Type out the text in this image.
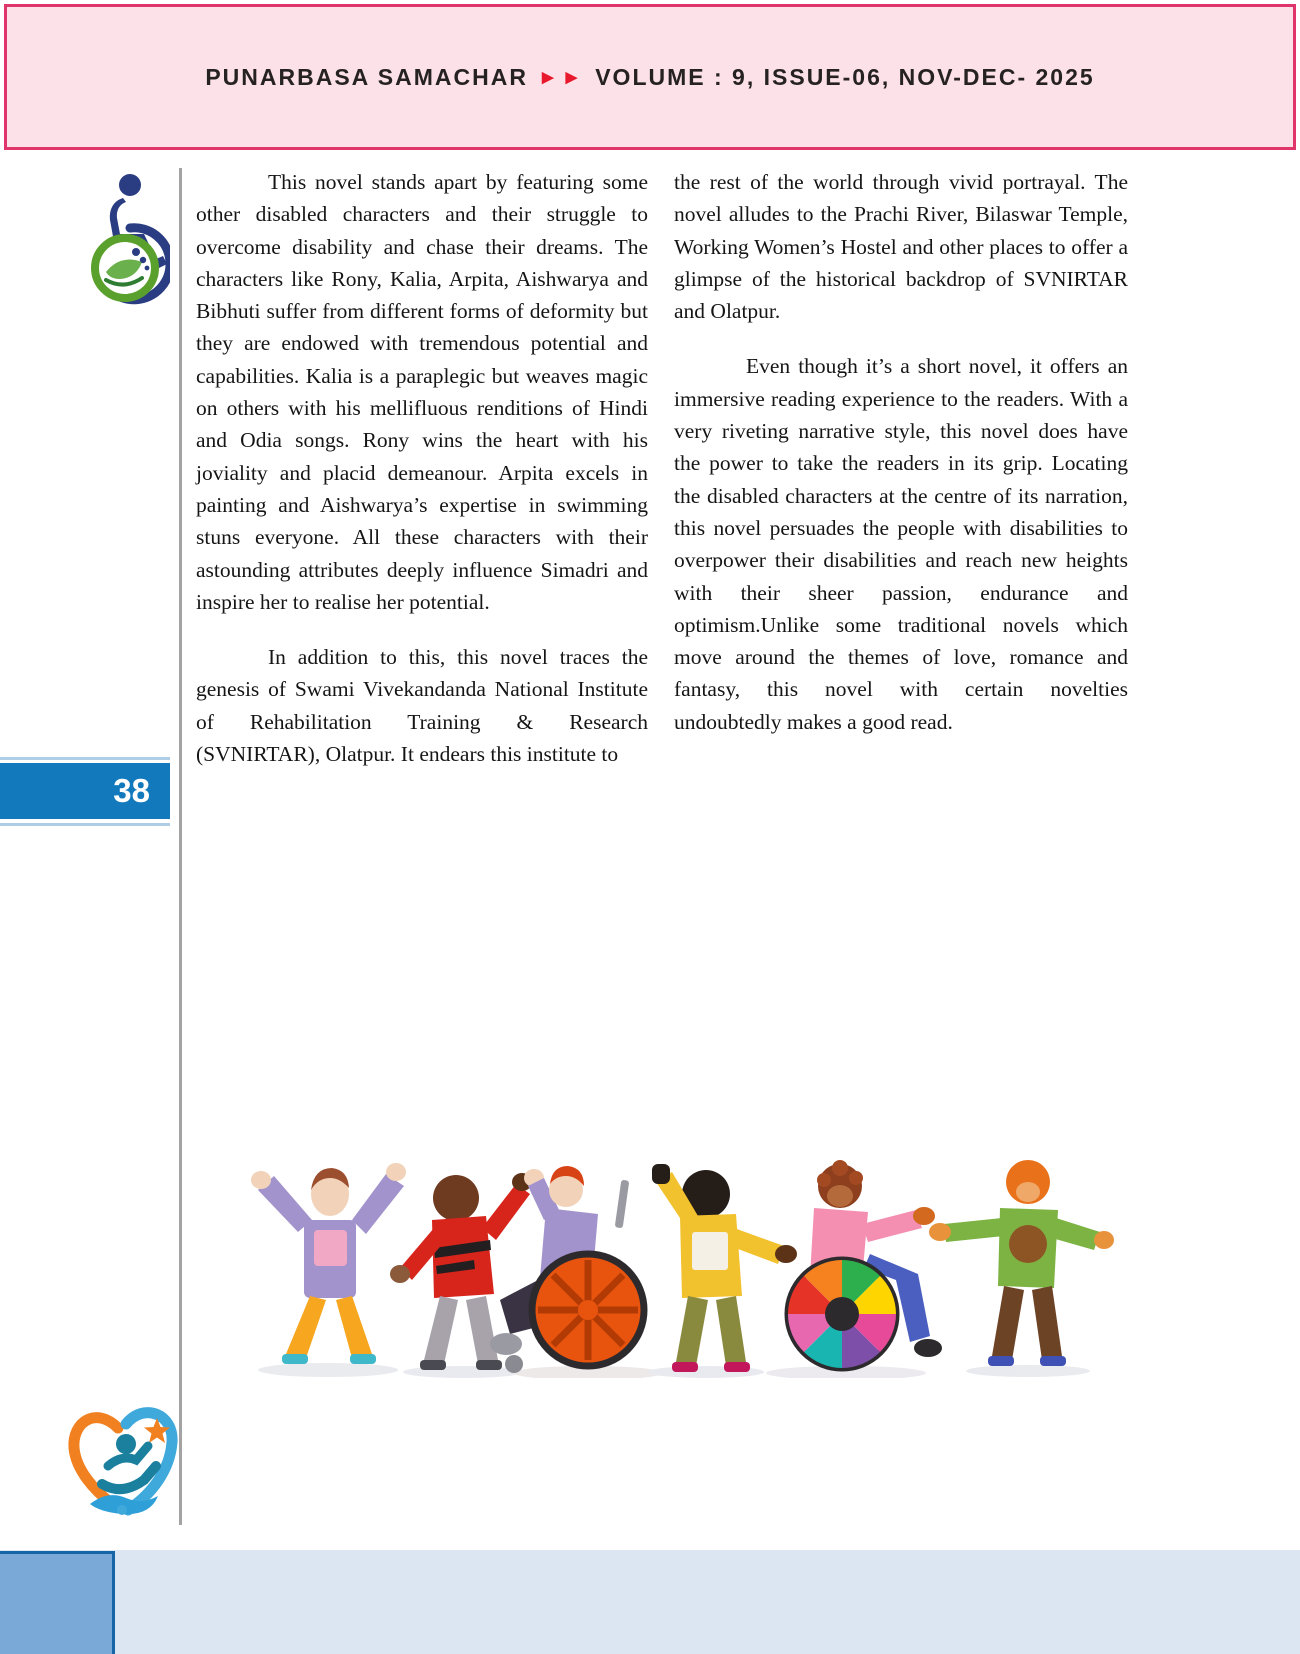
PUNARBASA SAMACHAR ▶ ▶ VOLUME : 9, ISSUE-06, NOV-DEC- 2025
38

This novel stands apart by featuring some other disabled characters and their struggle to overcome disability and chase their dreams. The characters like Rony, Kalia, Arpita, Aishwarya and Bibhuti suffer from different forms of deformity but they are endowed with tremendous potential and capabilities. Kalia is a paraplegic but weaves magic on others with his mellifluous renditions of Hindi and Odia songs. Rony wins the heart with his joviality and placid demeanour. Arpita excels in painting and Aishwarya’s expertise in swimming stuns everyone. All these characters with their astounding attributes deeply influence Simadri and inspire her to realise her potential.

In addition to this, this novel traces the genesis of Swami Vivekandanda National Institute of Rehabilitation Training & Research (SVNIRTAR), Olatpur. It endears this institute to

the rest of the world through vivid portrayal. The novel alludes to the Prachi River, Bilaswar Temple, Working Women’s Hostel and other places to offer a glimpse of the historical backdrop of SVNIRTAR and Olatpur.

Even though it’s a short novel, it offers an immersive reading experience to the readers. With a very riveting narrative style, this novel does have the power to take the readers in its grip. Locating the disabled characters at the centre of its narration, this novel persuades the people with disabilities to overpower their disabilities and reach new heights with their sheer passion, endurance and optimism.Unlike some traditional novels which move around the themes of love, romance and fantasy, this novel with certain novelties undoubtedly makes a good read.
